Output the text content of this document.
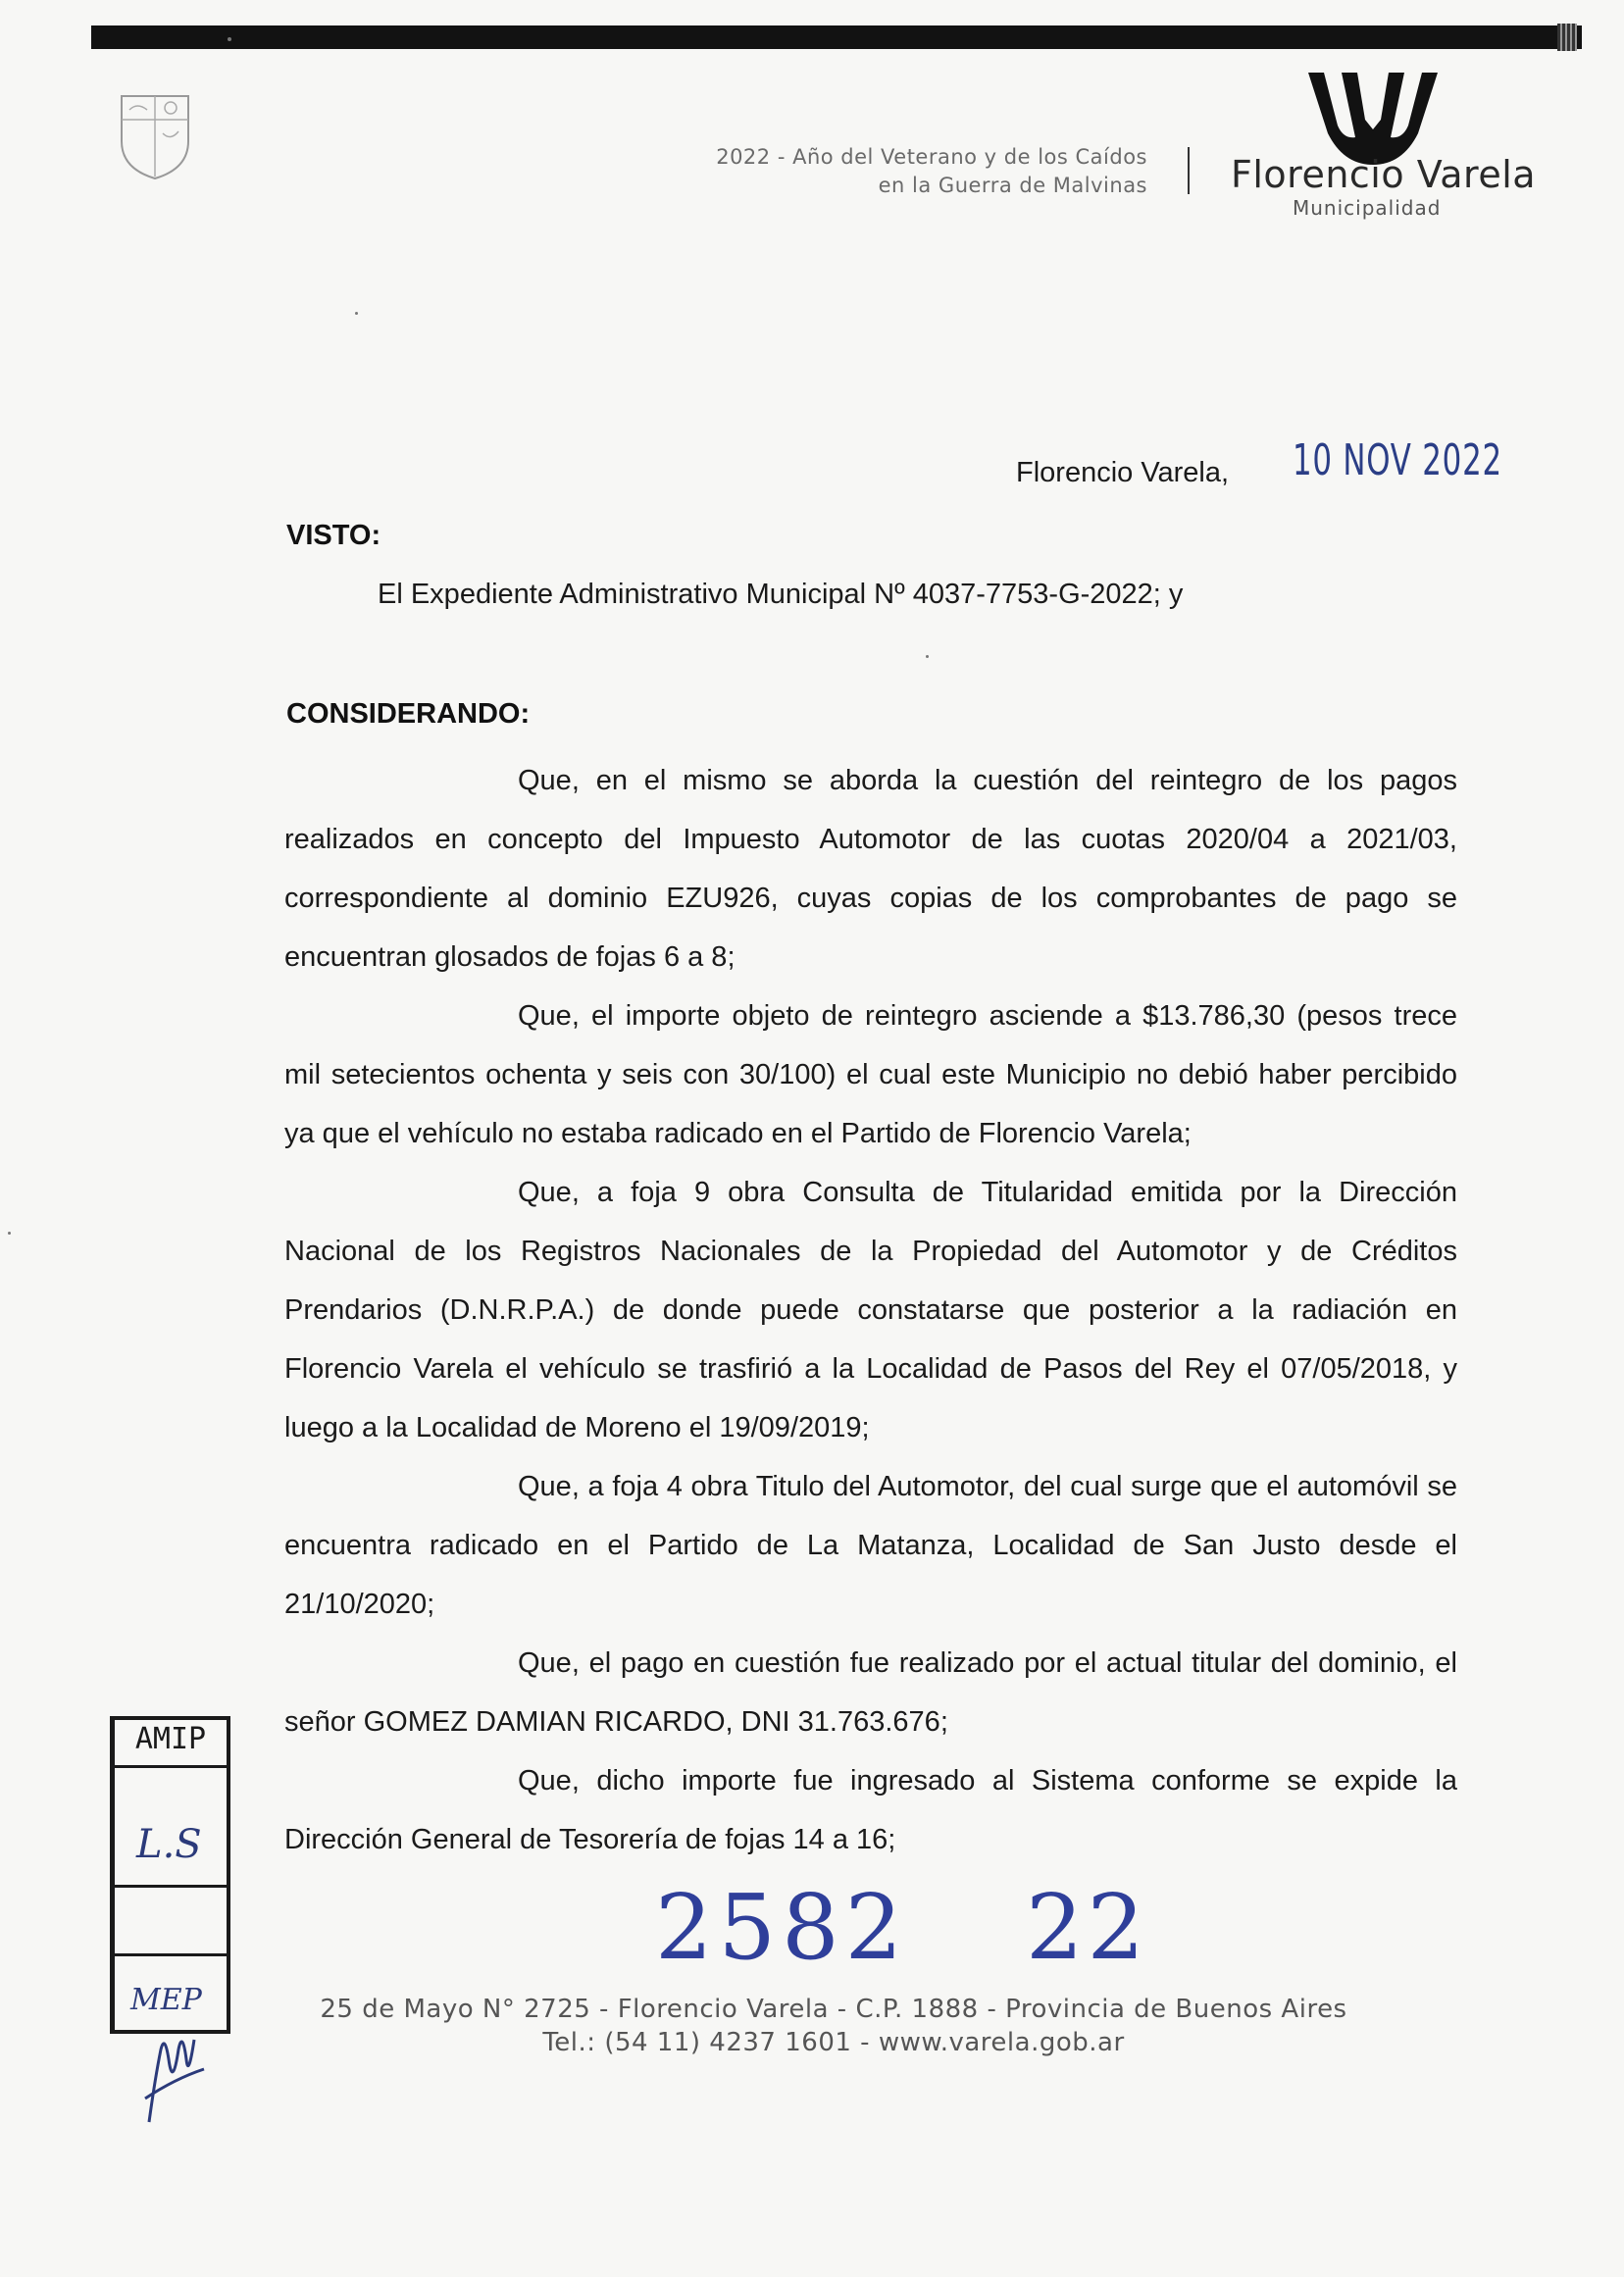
2022 - Año del Veterano y de los Caídos
en la Guerra de Malvinas Florencio Varela
Municipalidad
Florencio Varela, 10 NOV 2022
VISTO:
El Expediente Administrativo Municipal Nº 4037-7753-G-2022; y
CONSIDERANDO:

Que, en el mismo se aborda la cuestión del reintegro de los pagos realizados en concepto del Impuesto Automotor de las cuotas 2020/04 a 2021/03, correspondiente al dominio EZU926, cuyas copias de los comprobantes de pago se encuentran glosados de fojas 6 a 8;

Que, el importe objeto de reintegro asciende a $13.786,30 (pesos trece mil setecientos ochenta y seis con 30/100) el cual este Municipio no debió haber percibido ya que el vehículo no estaba radicado en el Partido de Florencio Varela;

Que, a foja 9 obra Consulta de Titularidad emitida por la Dirección Nacional de los Registros Nacionales de la Propiedad del Automotor y de Créditos Prendarios (D.N.R.P.A.) de donde puede constatarse que posterior a la radiación en Florencio Varela el vehículo se trasfirió a la Localidad de Pasos del Rey el 07/05/2018, y luego a la Localidad de Moreno el 19/09/2019;

Que, a foja 4 obra Titulo del Automotor, del cual surge que el automóvil se encuentra radicado en el Partido de La Matanza, Localidad de San Justo desde el 21/10/2020;

Que, el pago en cuestión fue realizado por el actual titular del dominio, el señor GOMEZ DAMIAN RICARDO, DNI 31.763.676;

Que, dicho importe fue ingresado al Sistema conforme se expide la Dirección General de Tesorería de fojas 14 a 16;

2582 22
25 de Mayo N° 2725 - Florencio Varela - C.P. 1888 - Provincia de Buenos Aires
Tel.: (54 11) 4237 1601 - www.varela.gob.ar
AMIP
L.S
MEP
